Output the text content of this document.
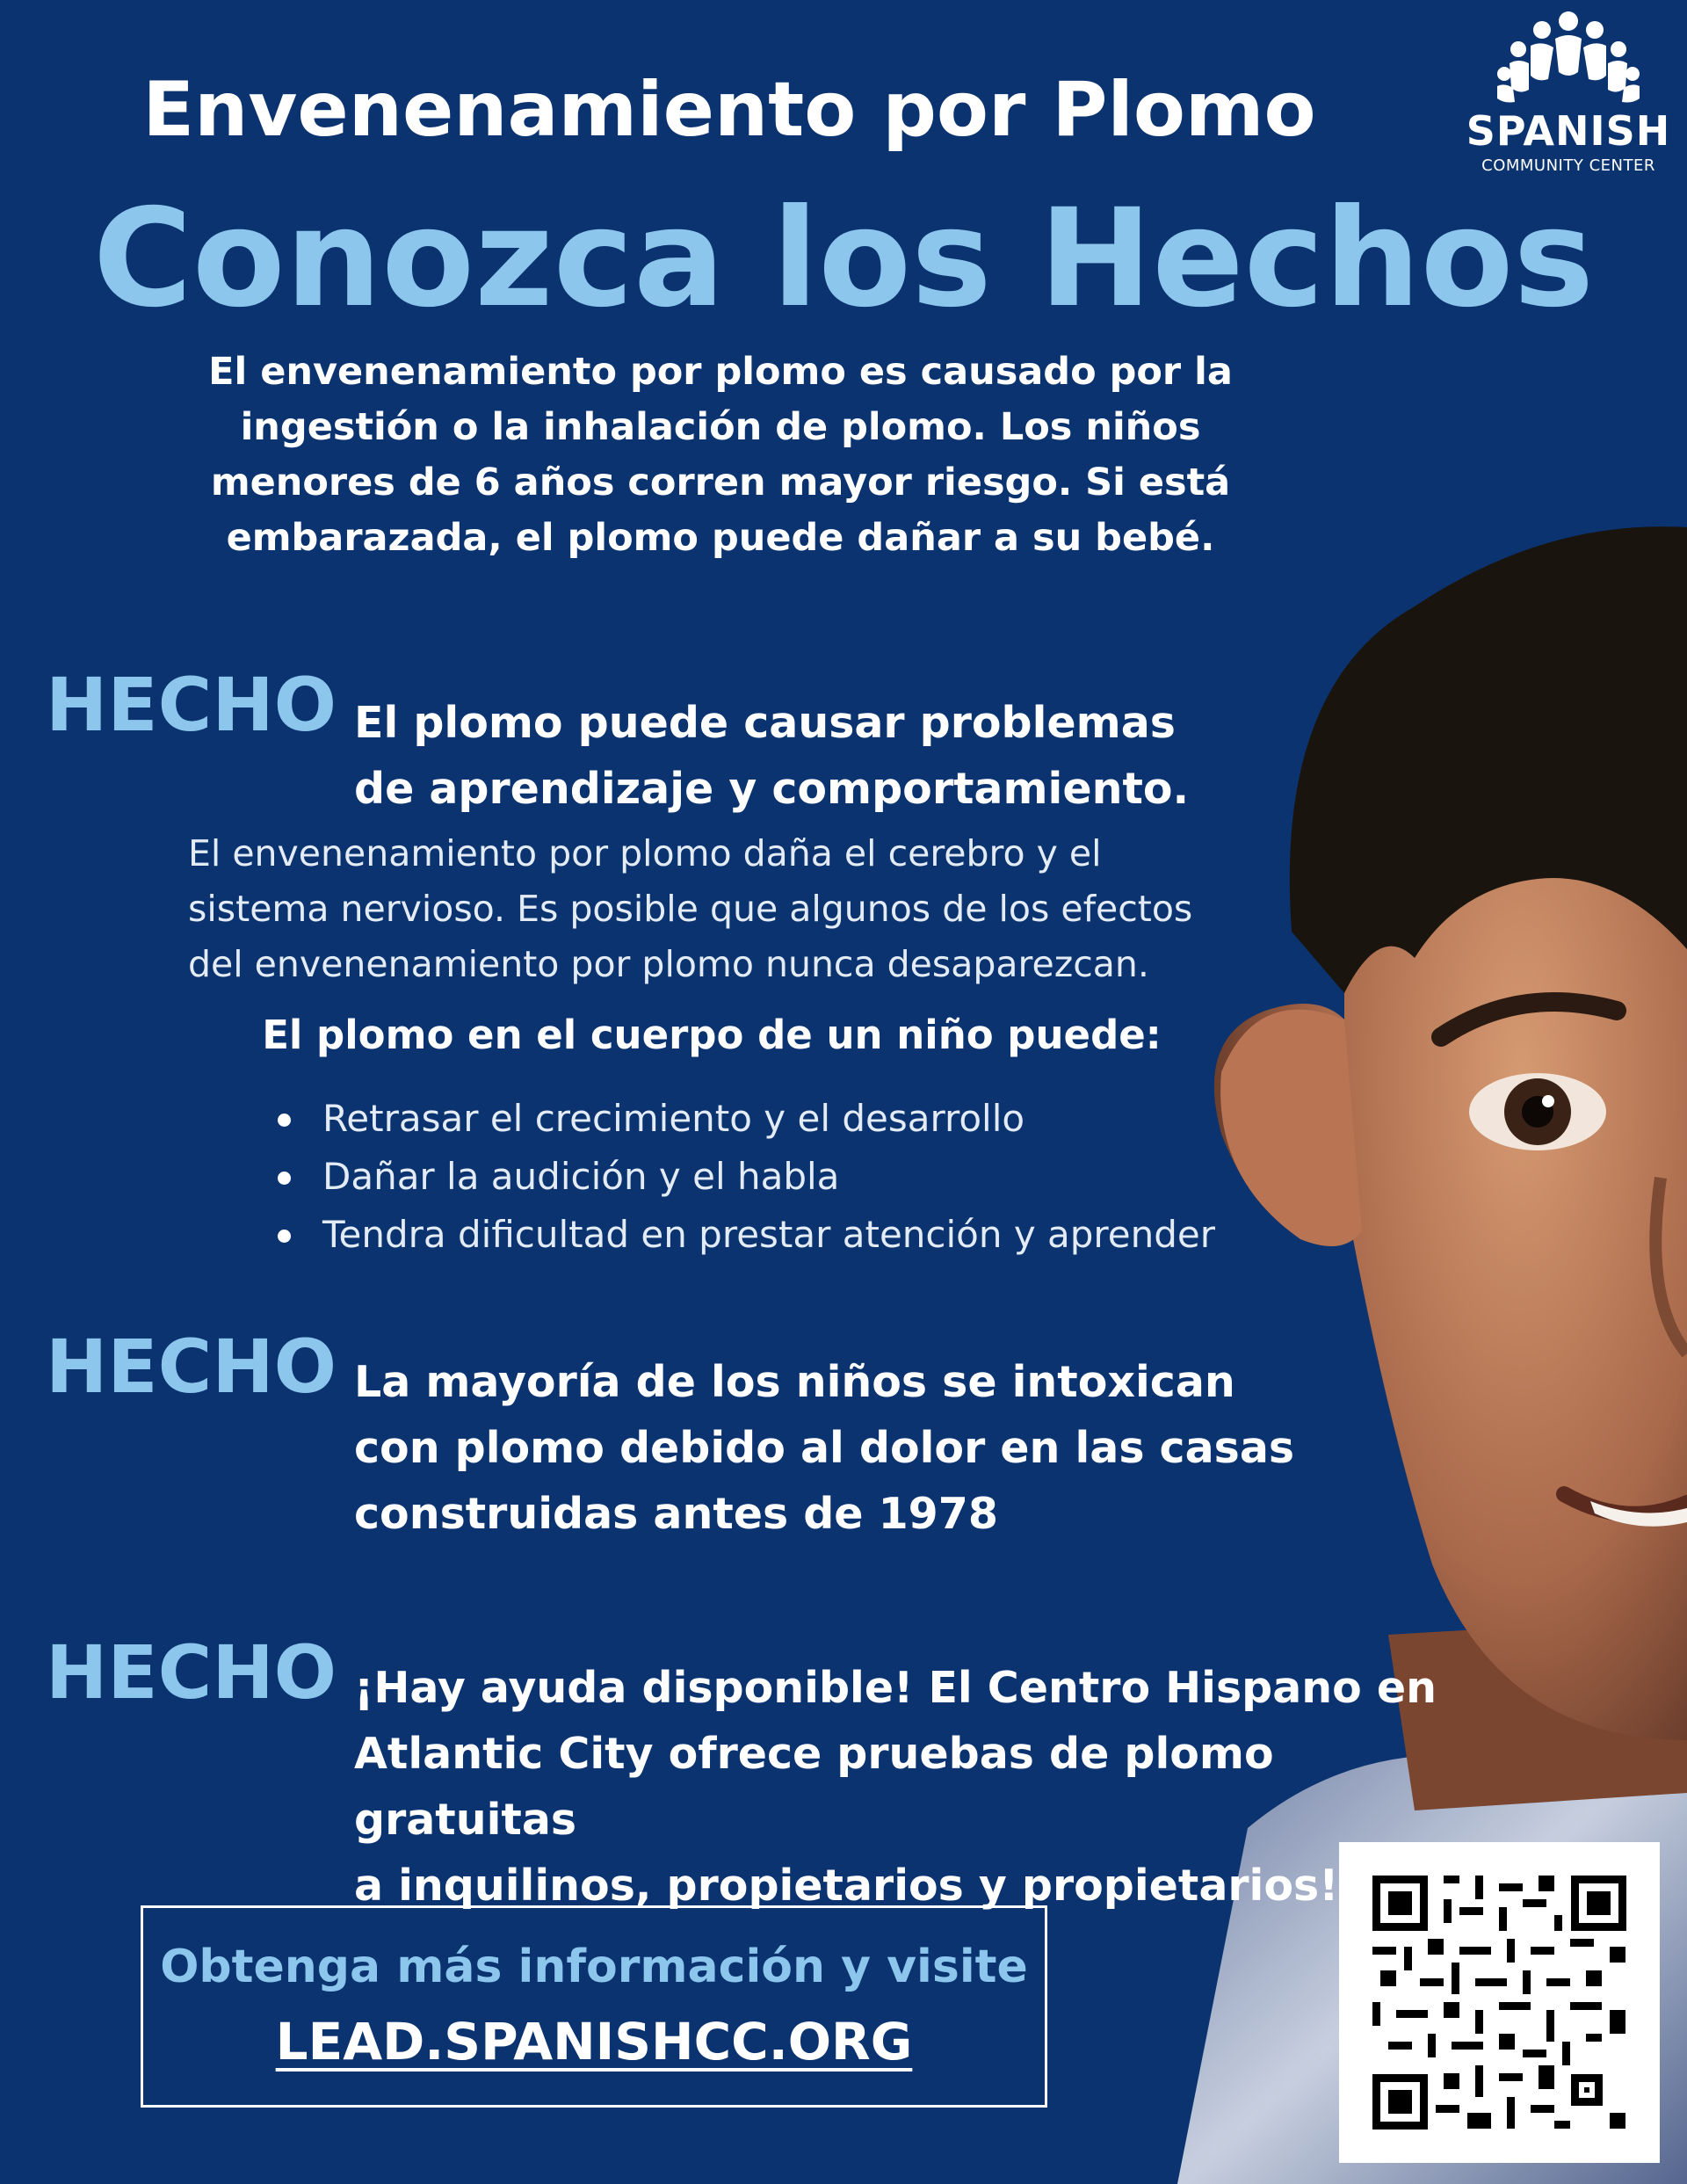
SPANISH
COMMUNITY CENTER
Envenenamiento por Plomo
Conozca los Hechos

El envenenamiento por plomo es causado por la ingestión o la inhalación de plomo. Los niños menores de 6 años corren mayor riesgo. Si está embarazada, el plomo puede dañar a su bebé.

HECHO El plomo puede causar problemas
de aprendizaje y comportamiento.
El envenenamiento por plomo daña el cerebro y el
sistema nervioso. Es posible que algunos de los efectos
del envenenamiento por plomo nunca desaparezcan.
El plomo en el cuerpo de un niño puede:
Retrasar el crecimiento y el desarrollo
Dañar la audición y el habla
Tendra dificultad en prestar atención y aprender
HECHO La mayoría de los niños se intoxican
con plomo debido al dolor en las casas
construidas antes de 1978
HECHO ¡Hay ayuda disponible! El Centro Hispano en
Atlantic City ofrece pruebas de plomo gratuitas
a inquilinos, propietarios y propietarios!
Obtenga más información y visite
LEAD.SPANISHCC.ORG
